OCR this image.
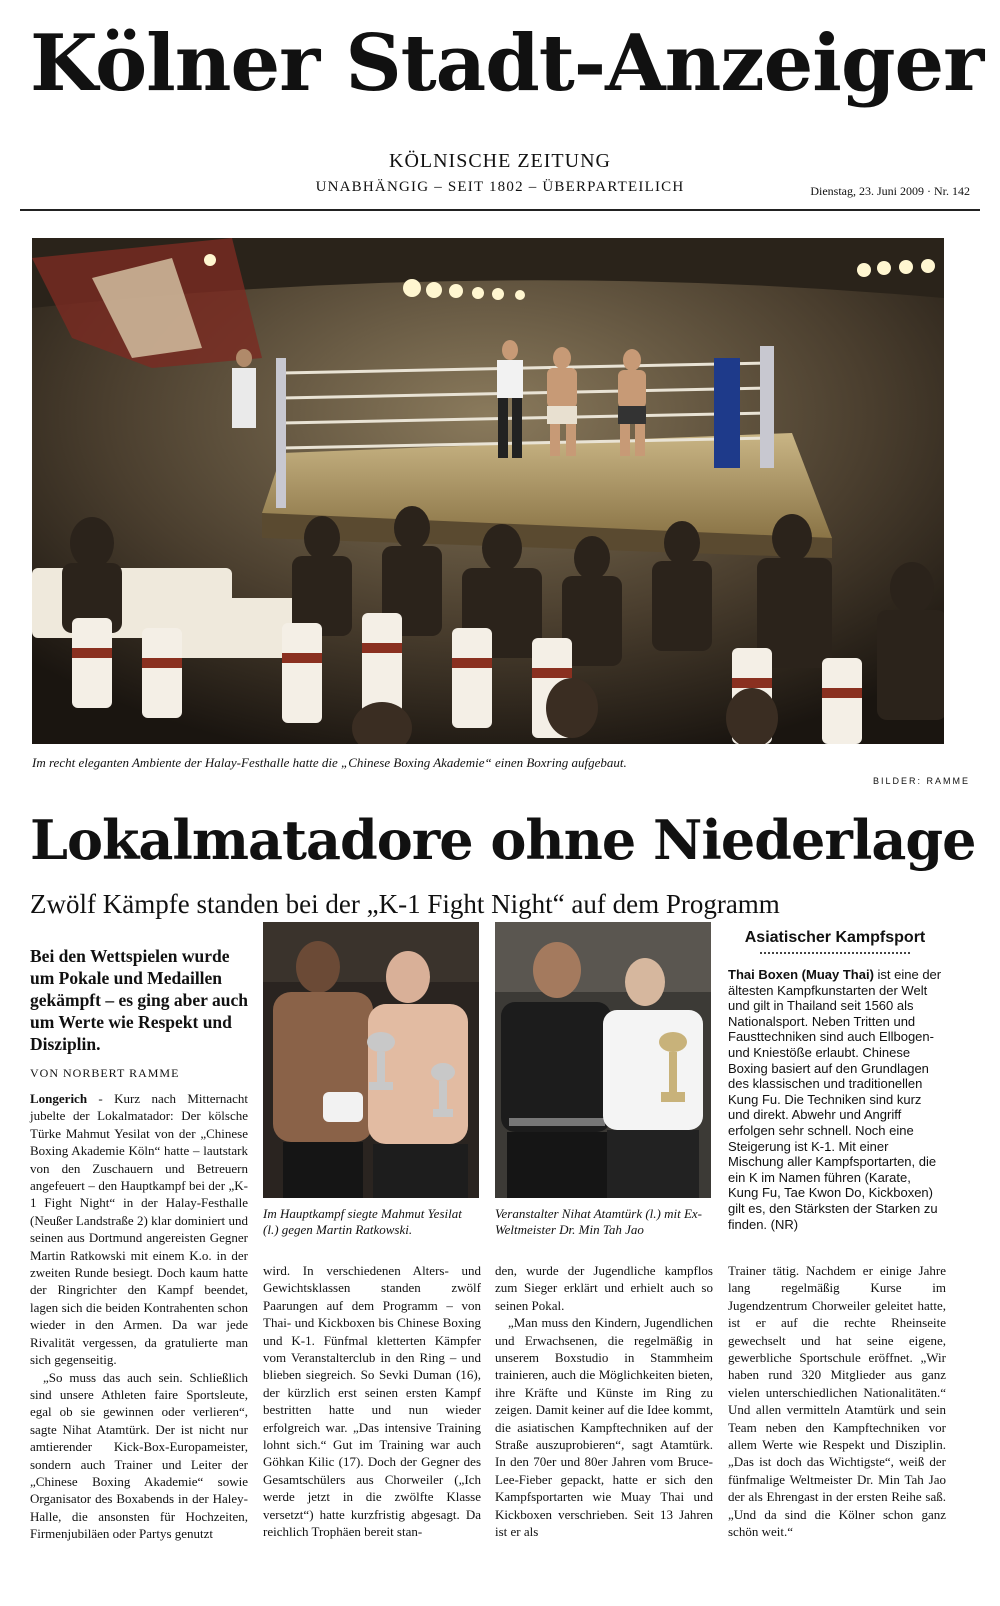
Kölner Stadt-Anzeiger
KÖLNISCHE ZEITUNG
UNABHÄNGIG – SEIT 1802 – ÜBERPARTEILICH	Dienstag, 23. Juni 2009 · Nr. 142
Im recht eleganten Ambiente der Halay-Festhalle hatte die „Chinese Boxing Akademie“ einen Boxring aufgebaut.
BILDER: RAMME
Lokalmatadore ohne Niederlage
Zwölf Kämpfe standen bei der „K-1 Fight Night“ auf dem Programm
Bei den Wettspielen wurde um Pokale und Medaillen gekämpft – es ging aber auch um Werte wie Respekt und Disziplin.
VON NORBERT RAMME

Longerich - Kurz nach Mitternacht jubelte der Lokalmatador: Der kölsche Türke Mahmut Yesilat von der „Chinese Boxing Akademie Köln“ hatte – lautstark von den Zuschauern und Betreuern angefeuert – den Hauptkampf bei der „K-1 Fight Night“ in der Halay-Festhalle (Neußer Landstraße 2) klar dominiert und seinen aus Dortmund angereisten Gegner Martin Ratkowski mit einem K.o. in der zweiten Runde besiegt. Doch kaum hatte der Ringrichter den Kampf beendet, lagen sich die beiden Kontrahenten schon wieder in den Armen. Da war jede Rivalität vergessen, da gratulierte man sich gegenseitig.

„So muss das auch sein. Schließlich sind unsere Athleten faire Sportsleute, egal ob sie gewinnen oder verlieren“, sagte Nihat Atamtürk. Der ist nicht nur amtierender Kick-Box-Europameister, sondern auch Trainer und Leiter der „Chinese Boxing Akademie“ sowie Organisator des Boxabends in der Haley-Halle, die ansonsten für Hochzeiten, Firmenjubiläen oder Partys genutzt

Im Hauptkampf siegte Mahmut Yesilat (l.) gegen Martin Ratkowski.

wird. In verschiedenen Alters- und Gewichtsklassen standen zwölf Paarungen auf dem Programm – von Thai- und Kickboxen bis Chinese Boxing und K-1. Fünfmal kletterten Kämpfer vom Veranstalterclub in den Ring – und blieben siegreich. So Sevki Duman (16), der kürzlich erst seinen ersten Kampf bestritten hatte und nun wieder erfolgreich war. „Das intensive Training lohnt sich.“ Gut im Training war auch Göhkan Kilic (17). Doch der Gegner des Gesamtschülers aus Chorweiler („Ich werde jetzt in die zwölfte Klasse versetzt“) hatte kurzfristig abgesagt. Da reichlich Trophäen bereit stan-

Veranstalter Nihat Atamtürk (l.) mit Ex-Weltmeister Dr. Min Tah Jao

den, wurde der Jugendliche kampflos zum Sieger erklärt und erhielt auch so seinen Pokal.

„Man muss den Kindern, Jugendlichen und Erwachsenen, die regelmäßig in unserem Boxstudio in Stammheim trainieren, auch die Möglichkeiten bieten, ihre Kräfte und Künste im Ring zu zeigen. Damit keiner auf die Idee kommt, die asiatischen Kampftechniken auf der Straße auszuprobieren“, sagt Atamtürk. In den 70er und 80er Jahren vom Bruce-Lee-Fieber gepackt, hatte er sich den Kampfsportarten wie Muay Thai und Kickboxen verschrieben. Seit 13 Jahren ist er als

Asiatischer Kampfsport
Thai Boxen (Muay Thai) ist eine der ältesten Kampfkunstarten der Welt und gilt in Thailand seit 1560 als Nationalsport. Neben Tritten und Fausttechniken sind auch Ellbogen- und Kniestöße erlaubt. Chinese Boxing basiert auf den Grundlagen des klassischen und traditionellen Kung Fu. Die Techniken sind kurz und direkt. Abwehr und Angriff erfolgen sehr schnell. Noch eine Steigerung ist K-1. Mit einer Mischung aller Kampfsportarten, die ein K im Namen führen (Karate, Kung Fu, Tae Kwon Do, Kickboxen) gilt es, den Stärksten der Starken zu finden. (NR)

Trainer tätig. Nachdem er einige Jahre lang regelmäßig Kurse im Jugendzentrum Chorweiler geleitet hatte, ist er auf die rechte Rheinseite gewechselt und hat seine eigene, gewerbliche Sportschule eröffnet. „Wir haben rund 320 Mitglieder aus ganz vielen unterschiedlichen Nationalitäten.“ Und allen vermitteln Atamtürk und sein Team neben den Kampftechniken vor allem Werte wie Respekt und Disziplin. „Das ist doch das Wichtigste“, weiß der fünfmalige Weltmeister Dr. Min Tah Jao der als Ehrengast in der ersten Reihe saß. „Und da sind die Kölner schon ganz schön weit.“
